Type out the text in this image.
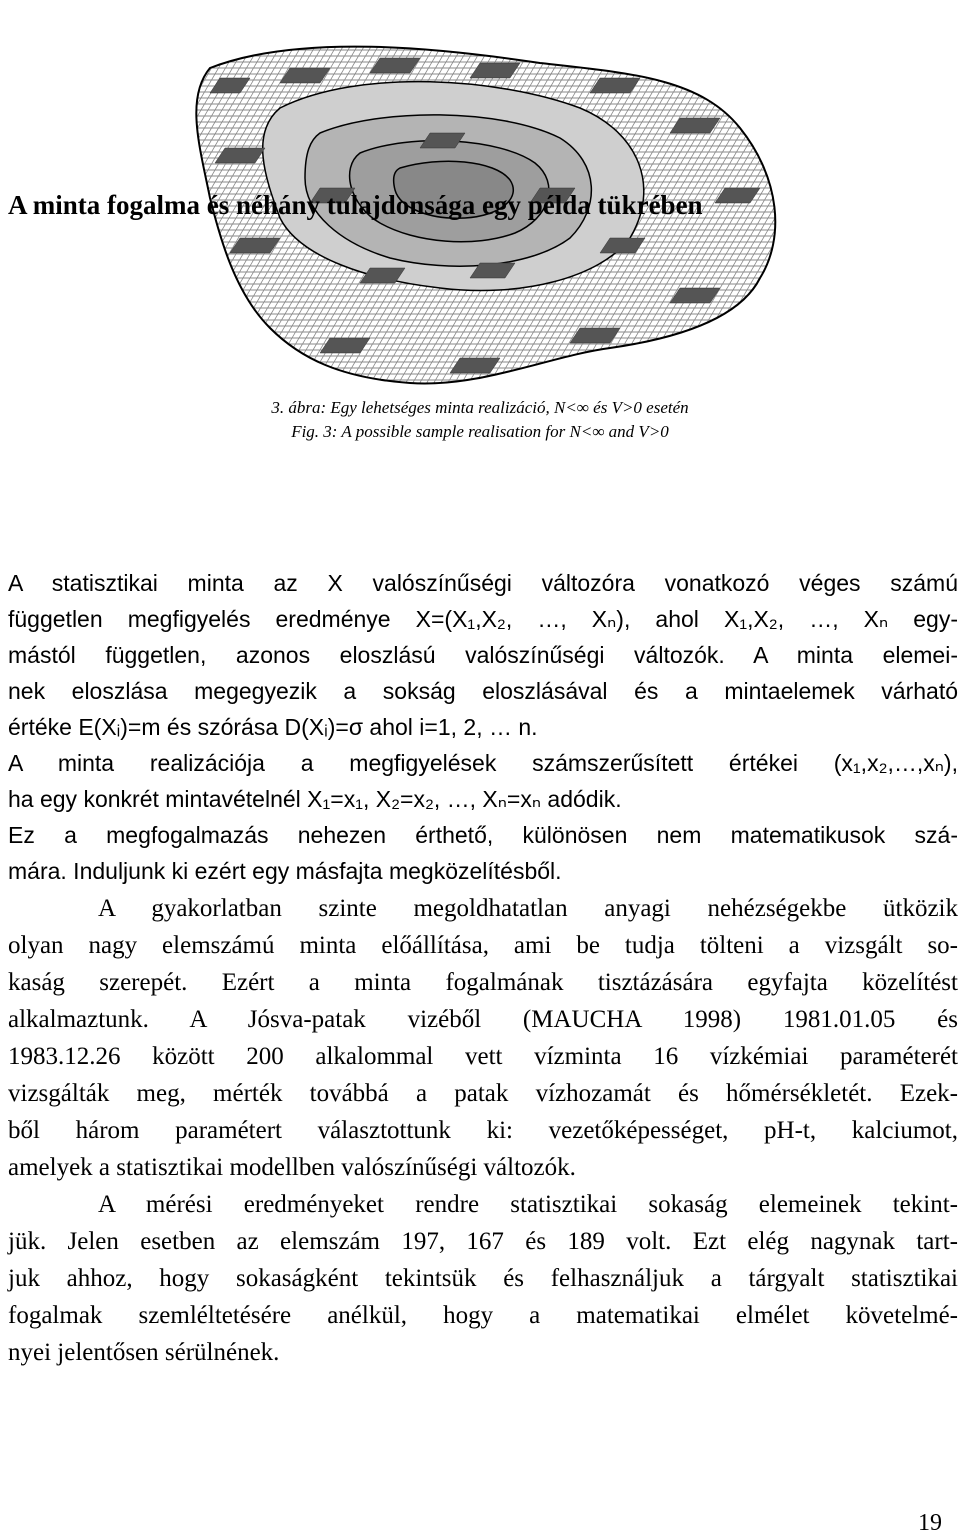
3. ábra: Egy lehetséges minta realizáció, N<∞ és V>0 esetén
Fig. 3: A possible sample realisation for N<∞ and V>0
A minta fogalma és néhány tulajdonsága egy példa tükrében
A statisztikai minta az X valószínűségi változóra vonatkozó véges számú
független megfigyelés eredménye X=(X₁,X₂, …, Xₙ), ahol X₁,X₂, …, Xₙ egy-
mástól független, azonos eloszlású valószínűségi változók. A minta elemei-
nek eloszlása megegyezik a sokság eloszlásával és a mintaelemek várható
értéke E(Xᵢ)=m és szórása D(Xᵢ)=σ ahol i=1, 2, … n.
A minta realizációja a megfigyelések számszerűsített értékei (x₁,x₂,…,xₙ),
ha egy konkrét mintavételnél X₁=x₁, X₂=x₂, …, Xₙ=xₙ adódik.
Ez a megfogalmazás nehezen érthető, különösen nem matematikusok szá-
mára. Induljunk ki ezért egy másfajta megközelítésből.
A gyakorlatban szinte megoldhatatlan anyagi nehézségekbe ütközik
olyan nagy elemszámú minta előállítása, ami be tudja tölteni a vizsgált so-
kaság szerepét. Ezért a minta fogalmának tisztázására egyfajta közelítést
alkalmaztunk. A Jósva-patak vizéből (MAUCHA 1998) 1981.01.05 és
1983.12.26 között 200 alkalommal vett vízminta 16 vízkémiai paraméterét
vizsgálták meg, mérték továbbá a patak vízhozamát és hőmérsékletét. Ezek-
ből három paramétert választottunk ki: vezetőképességet, pH-t, kalciumot,
amelyek a statisztikai modellben valószínűségi változók.
A mérési eredményeket rendre statisztikai sokaság elemeinek tekint-
jük. Jelen esetben az elemszám 197, 167 és 189 volt. Ezt elég nagynak tart-
juk ahhoz, hogy sokaságként tekintsük és felhasználjuk a tárgyalt statisztikai
fogalmak szemléltetésére anélkül, hogy a matematikai elmélet követelmé-
nyei jelentősen sérülnének.
19
